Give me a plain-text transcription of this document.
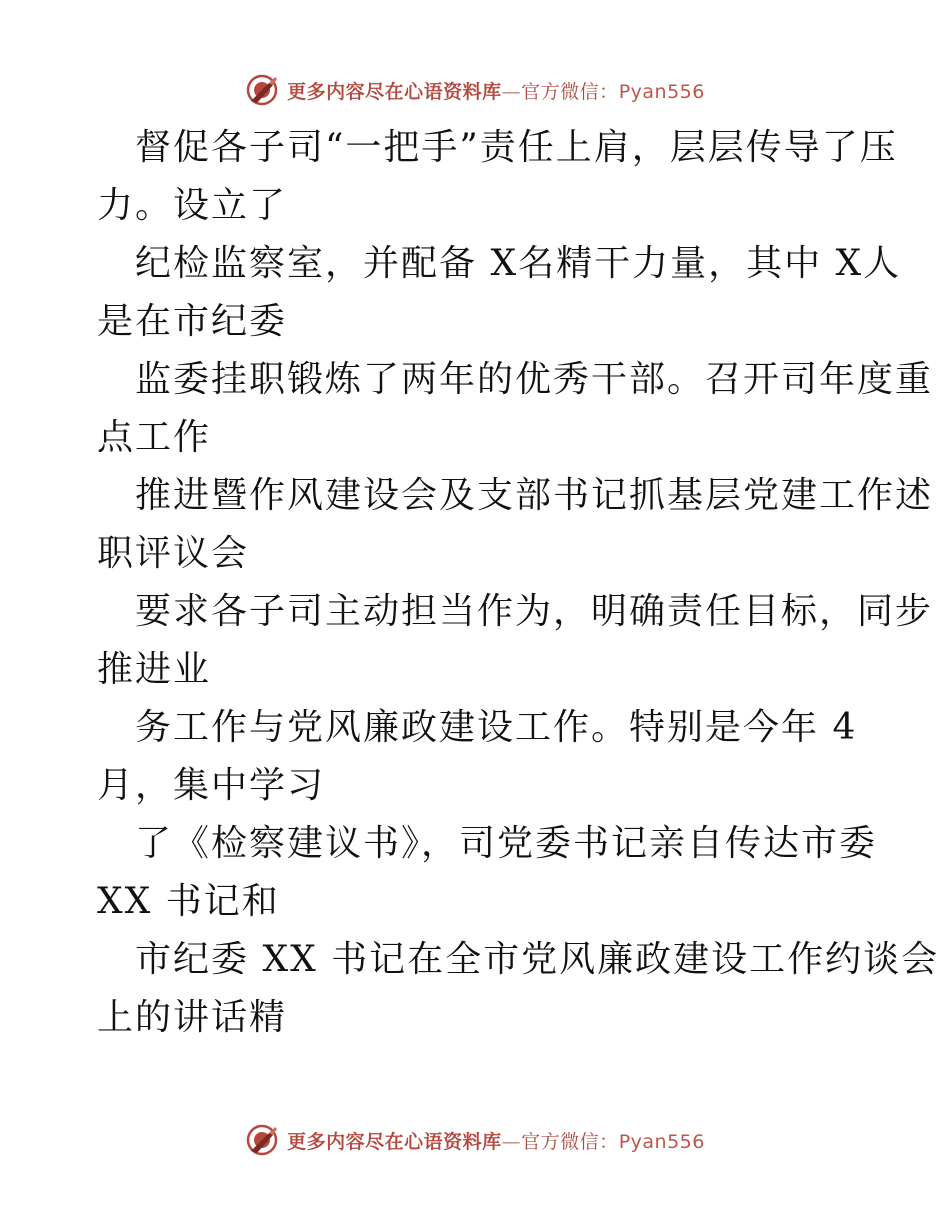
更多内容尽在心语资料库—官方微信：Pyan556
督促各子司“一把手”责任上肩，层层传导了压
力。设立了
纪检监察室，并配备 X名精干力量，其中 X人
是在市纪委
监委挂职锻炼了两年的优秀干部。召开司年度重
点工作
推进暨作风建设会及支部书记抓基层党建工作述
职评议会
要求各子司主动担当作为，明确责任目标，同步
推进业
务工作与党风廉政建设工作。特别是今年 4
月，集中学习
了《检察建议书》，司党委书记亲自传达市委
XX 书记和
市纪委 XX 书记在全市党风廉政建设工作约谈会
上的讲话精
更多内容尽在心语资料库—官方微信：Pyan556
